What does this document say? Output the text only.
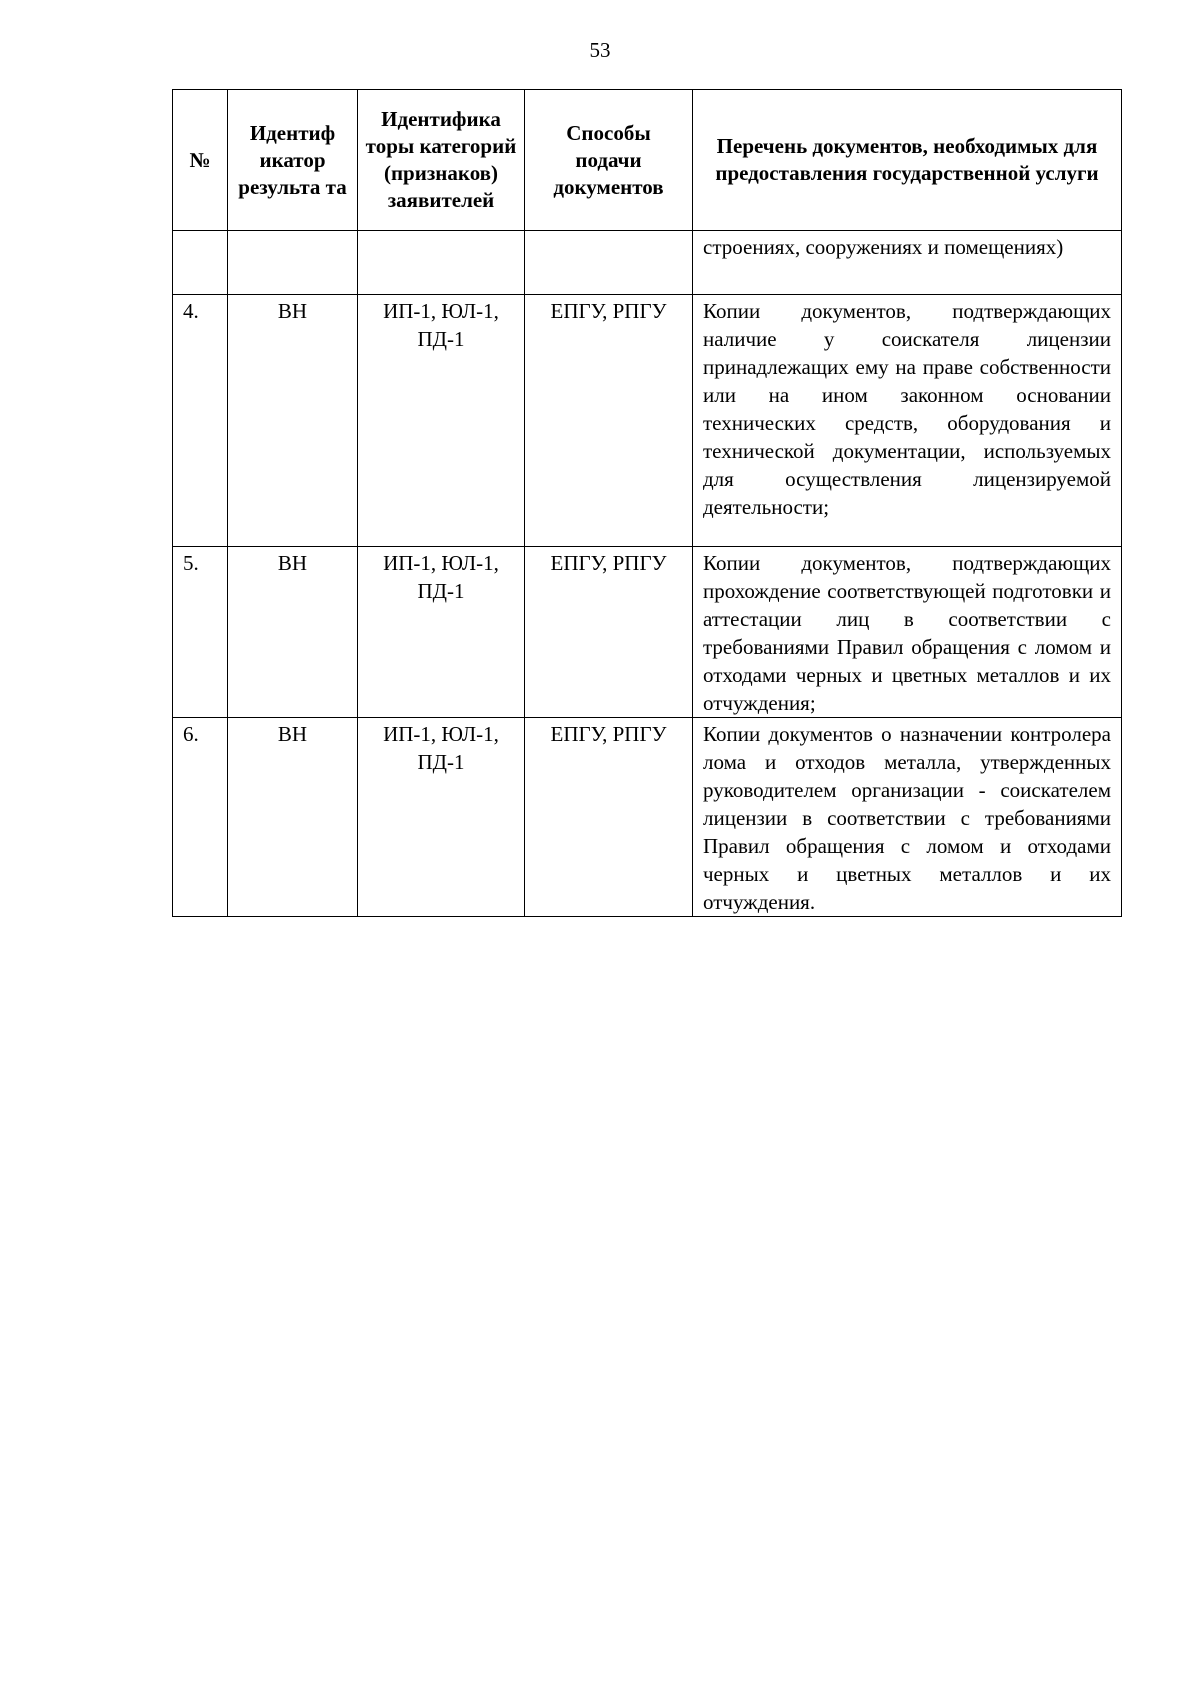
53
№	Идентиф икатор результа та	Идентифика торы категорий (признаков) заявителей	Способы подачи документов	Перечень документов, необходимых для предоставления государственной услуги
				строениях, сооружениях и помещениях)
4.	ВН	ИП-1, ЮЛ-1, ПД-1	ЕПГУ, РПГУ	Копии документов, подтверждающих наличие у соискателя лицензии принадлежащих ему на праве собственности или на ином законном основании технических средств, оборудования и технической документации, используемых для осуществления лицензируемой деятельности;
5.	ВН	ИП-1, ЮЛ-1, ПД-1	ЕПГУ, РПГУ	Копии документов, подтверждающих прохождение соответствующей подготовки и аттестации лиц в соответствии с требованиями Правил обращения с ломом и отходами черных и цветных металлов и их отчуждения;
6.	ВН	ИП-1, ЮЛ-1, ПД-1	ЕПГУ, РПГУ	Копии документов о назначении контролера лома и отходов металла, утвержденных руководителем организации - соискателем лицензии в соответствии с требованиями Правил обращения с ломом и отходами черных и цветных металлов и их отчуждения.
